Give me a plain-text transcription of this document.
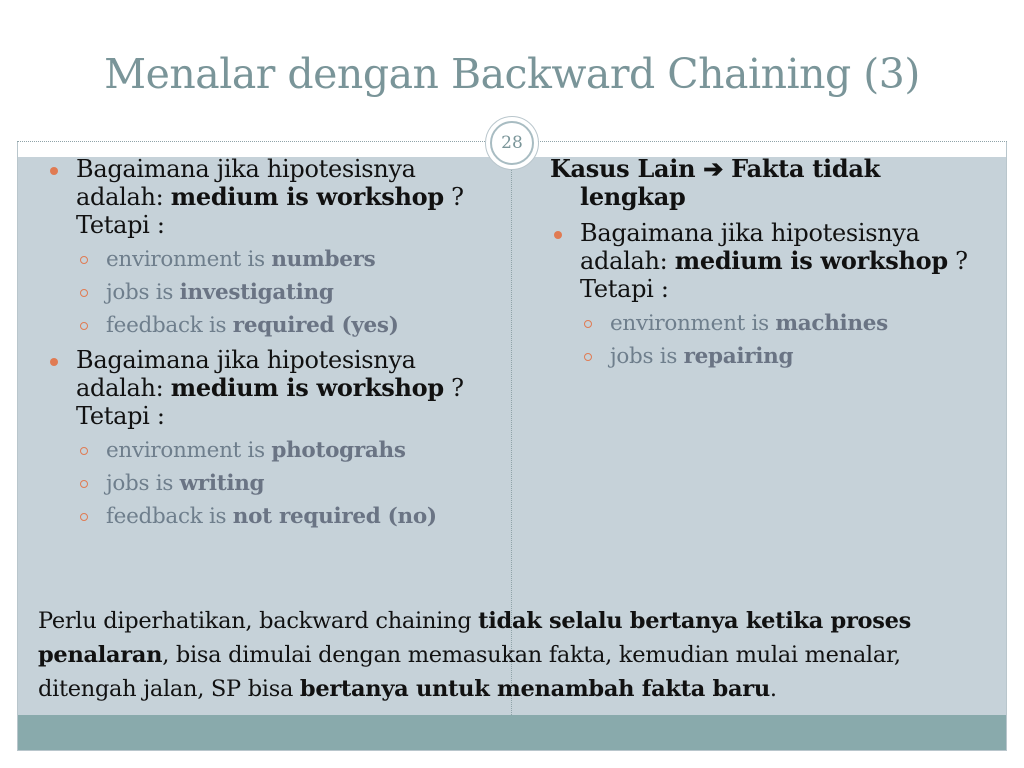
Menalar dengan Backward Chaining (3)
28
Bagaimana jika hipotesisnya adalah: medium is workshop ? Tetapi :
environment is numbers
jobs is investigating
feedback is required (yes)
Bagaimana jika hipotesisnya adalah: medium is workshop ? Tetapi :
environment is photograhs
jobs is writing
feedback is not required (no)
Kasus Lain ➔ Fakta tidak lengkap
Bagaimana jika hipotesisnya adalah: medium is workshop ? Tetapi :
environment is machines
jobs is repairing
Perlu diperhatikan, backward chaining tidak selalu bertanya ketika proses penalaran, bisa dimulai dengan memasukan fakta, kemudian mulai menalar, ditengah jalan, SP bisa bertanya untuk menambah fakta baru.
